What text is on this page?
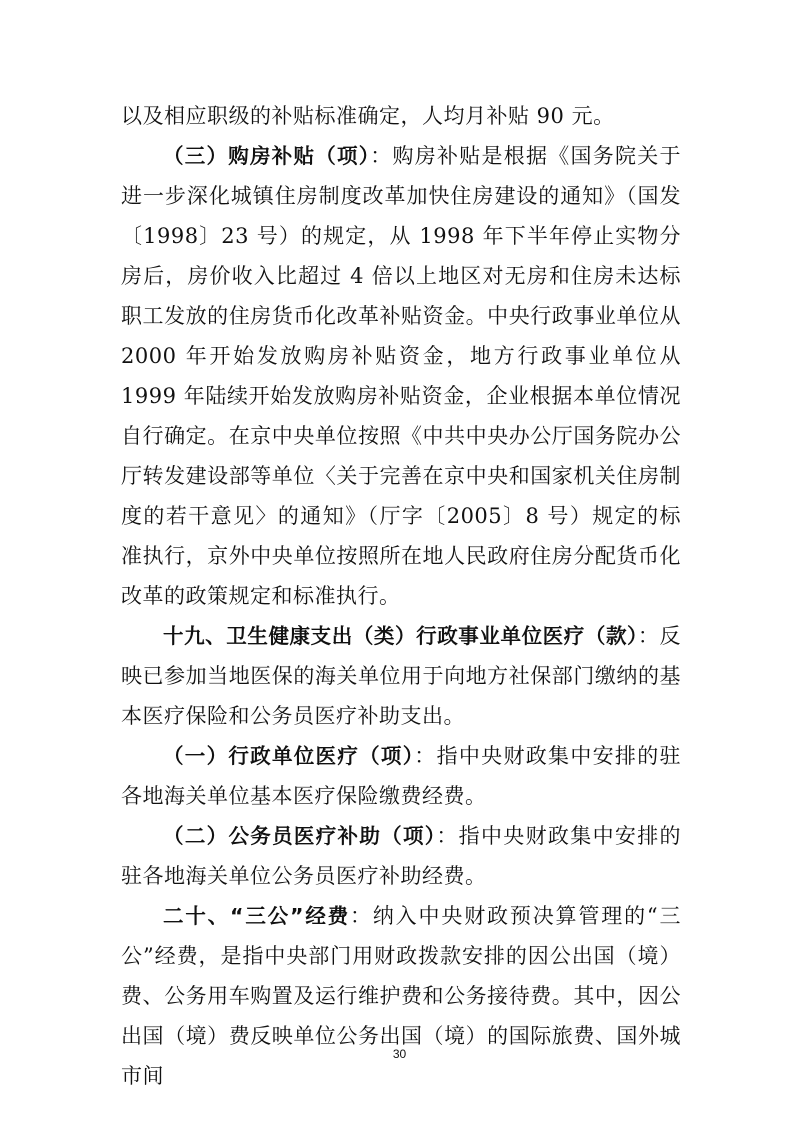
以及相应职级的补贴标准确定，人均月补贴 90 元。

（三）购房补贴（项）：购房补贴是根据《国务院关于进一步深化城镇住房制度改革加快住房建设的通知》（国发〔1998〕23 号）的规定，从 1998 年下半年停止实物分房后，房价收入比超过 4 倍以上地区对无房和住房未达标职工发放的住房货币化改革补贴资金。中央行政事业单位从 2000 年开始发放购房补贴资金，地方行政事业单位从 1999 年陆续开始发放购房补贴资金，企业根据本单位情况自行确定。在京中央单位按照《中共中央办公厅国务院办公厅转发建设部等单位〈关于完善在京中央和国家机关住房制度的若干意见〉的通知》（厅字〔2005〕8 号）规定的标准执行，京外中央单位按照所在地人民政府住房分配货币化改革的政策规定和标准执行。

十九、卫生健康支出（类）行政事业单位医疗（款）：反映已参加当地医保的海关单位用于向地方社保部门缴纳的基本医疗保险和公务员医疗补助支出。

（一）行政单位医疗（项）：指中央财政集中安排的驻各地海关单位基本医疗保险缴费经费。

（二）公务员医疗补助（项）：指中央财政集中安排的驻各地海关单位公务员医疗补助经费。

二十、“三公”经费：纳入中央财政预决算管理的“三公”经费，是指中央部门用财政拨款安排的因公出国（境）费、公务用车购置及运行维护费和公务接待费。其中，因公出国（境）费反映单位公务出国（境）的国际旅费、国外城市间

30
